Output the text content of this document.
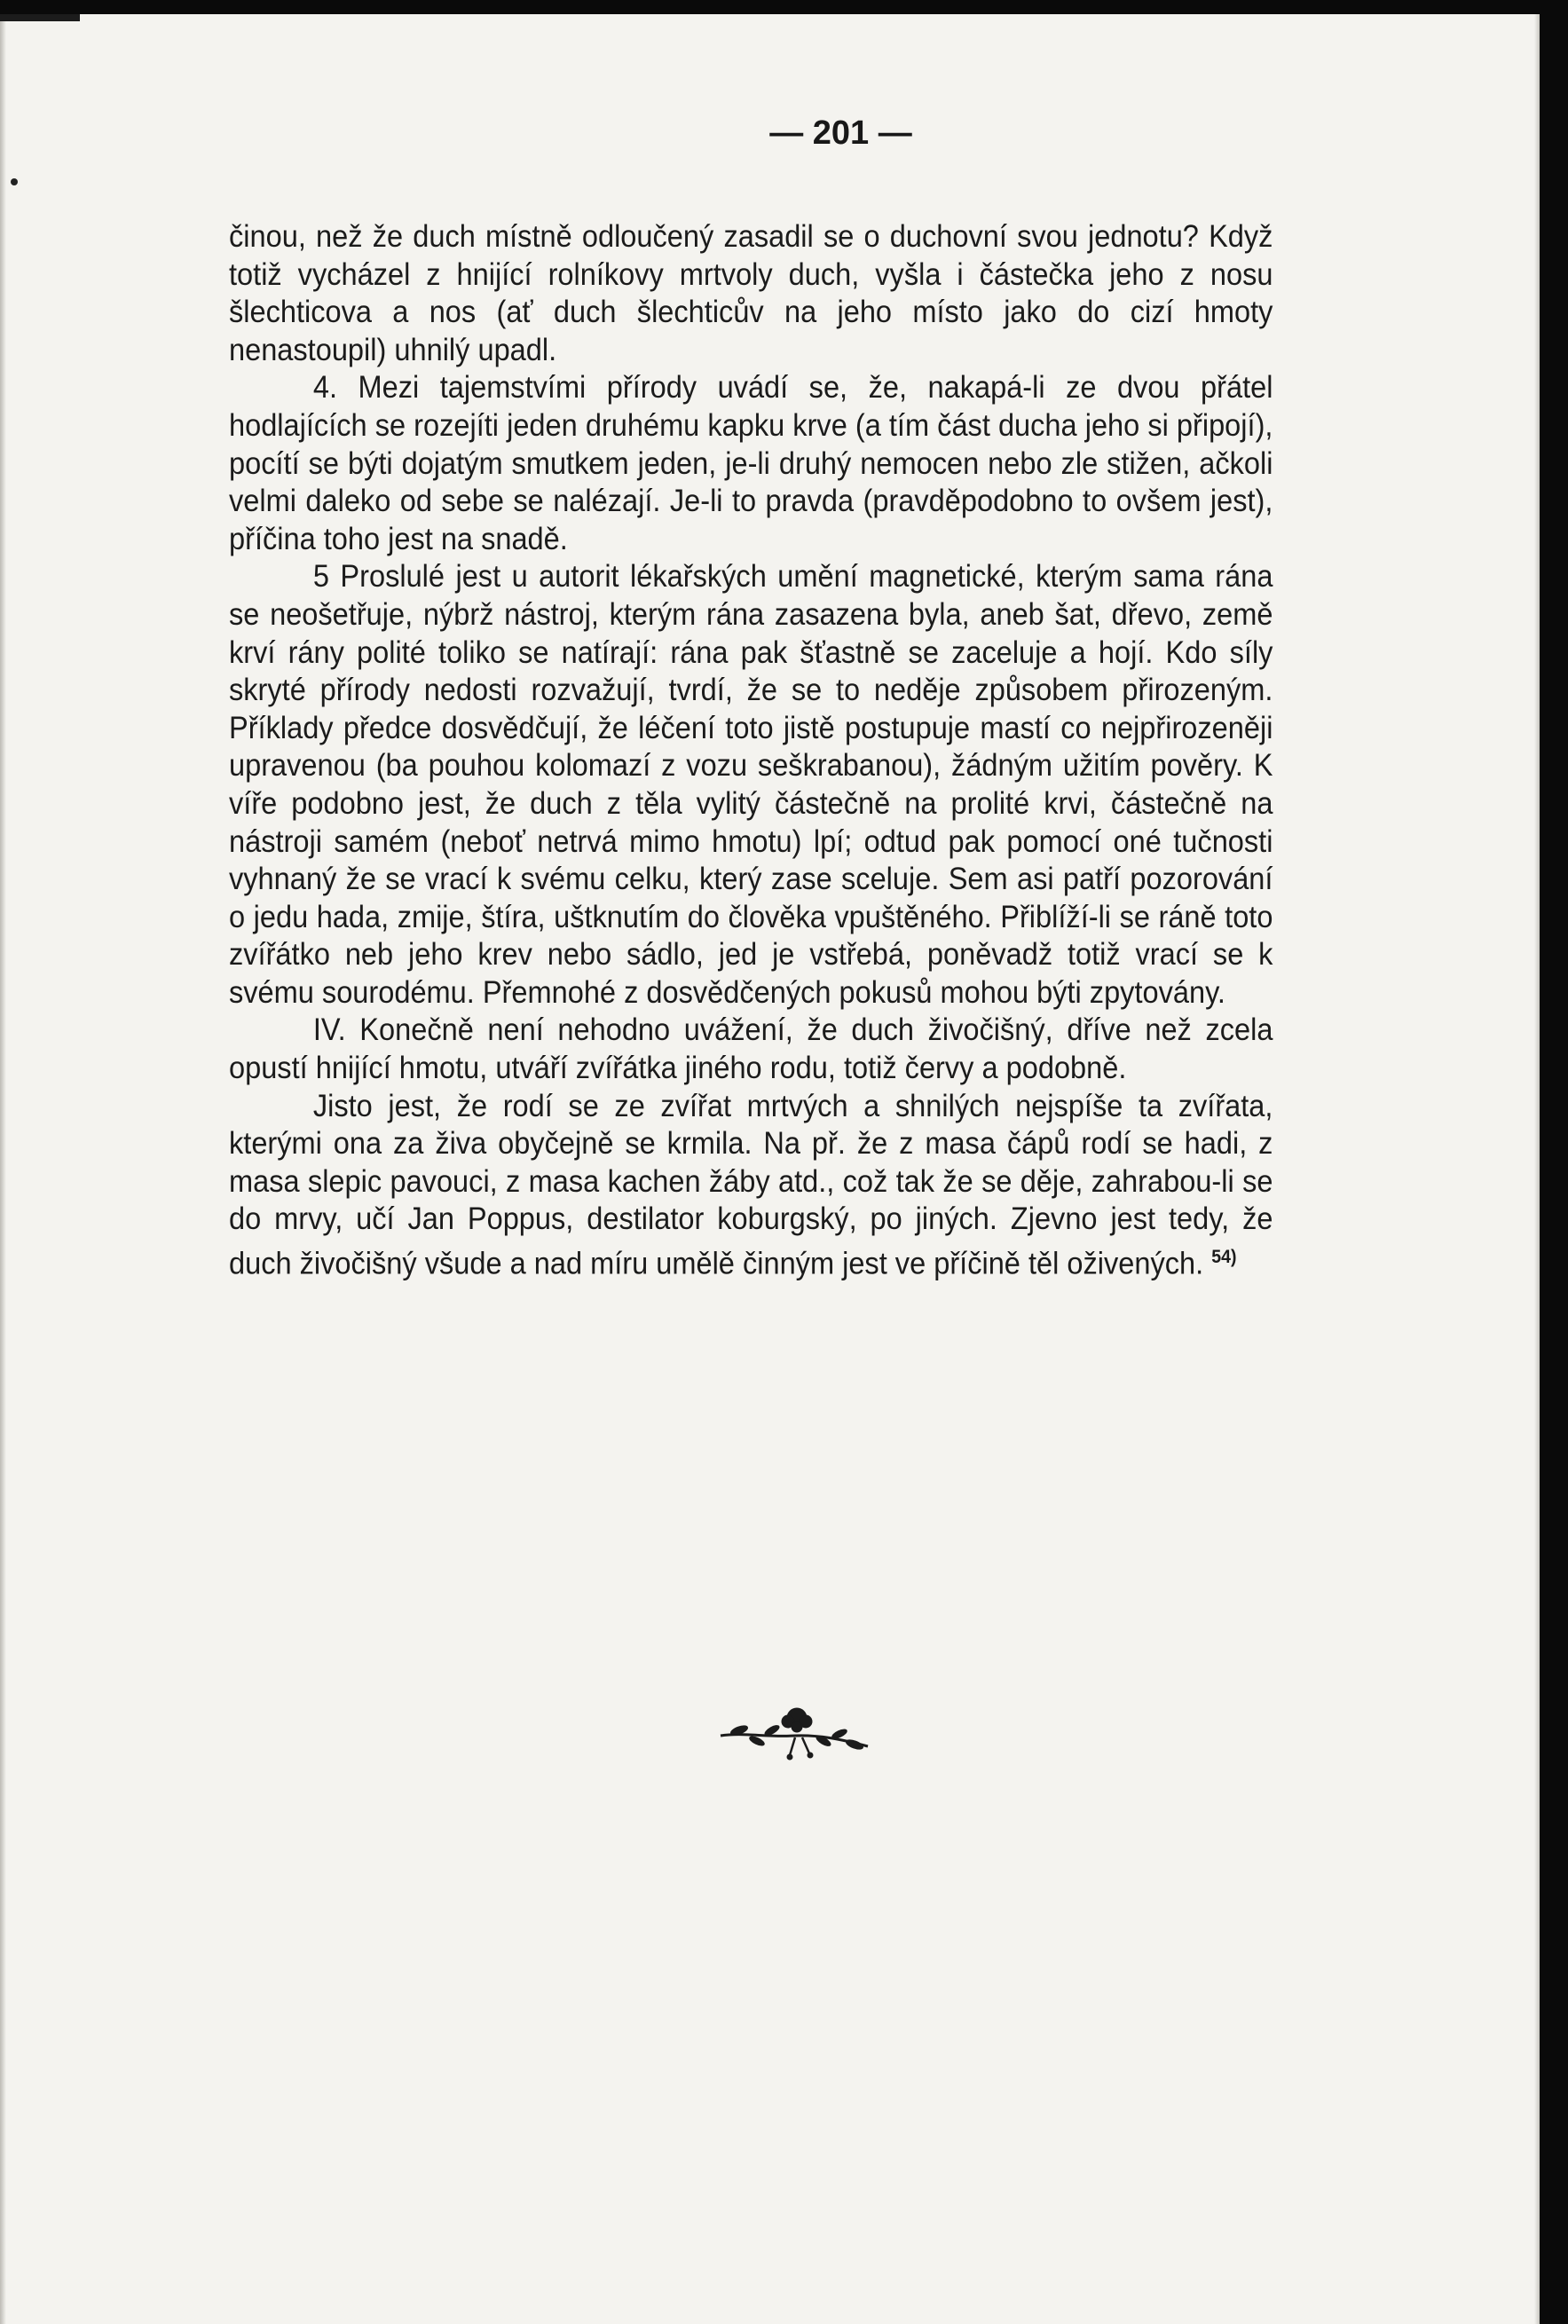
— 201 —

činou, než že duch místně odloučený zasadil se o duchovní svou jednotu? Když totiž vycházel z hnijící rolníkovy mrtvoly duch, vyšla i částečka jeho z nosu šlechticova a nos (ať duch šlechticův na jeho místo jako do cizí hmoty nenastoupil) uhnilý upadl.

4. Mezi tajemstvími přírody uvádí se, že, nakapá-li ze dvou přátel hodlajících se rozejíti jeden druhému kapku krve (a tím část ducha jeho si připojí), pocítí se býti dojatým smutkem jeden, je-li druhý nemocen nebo zle stižen, ačkoli velmi daleko od sebe se nalézají. Je-li to pravda (pravděpodobno to ovšem jest), příčina toho jest na snadě.

5 Proslulé jest u autorit lékařských umění magnetické, kterým sama rána se neošetřuje, nýbrž nástroj, kterým rána zasazena byla, aneb šat, dřevo, země krví rány polité toliko se natírají: rána pak šťastně se zaceluje a hojí. Kdo síly skryté přírody nedosti rozvažují, tvrdí, že se to neděje způsobem přirozeným. Příklady předce dosvědčují, že léčení toto jistě postupuje mastí co nejpřirozeněji upravenou (ba pouhou kolomazí z vozu seškrabanou), žádným užitím pověry. K víře podobno jest, že duch z těla vylitý částečně na prolité krvi, částečně na nástroji samém (neboť netrvá mimo hmotu) lpí; odtud pak pomocí oné tučnosti vyhnaný že se vrací k svému celku, který zase sceluje. Sem asi patří pozorování o jedu hada, zmije, štíra, uštknutím do člověka vpuštěného. Přiblíží-li se ráně toto zvířátko neb jeho krev nebo sádlo, jed je vstřebá, poněvadž totiž vrací se k svému sourodému. Přemnohé z dosvědčených pokusů mohou býti zpytovány.

IV. Konečně není nehodno uvážení, že duch živočišný, dříve než zcela opustí hnijící hmotu, utváří zvířátka jiného rodu, totiž červy a podobně.

Jisto jest, že rodí se ze zvířat mrtvých a shnilých nejspíše ta zvířata, kterými ona za živa obyčejně se krmila. Na př. že z masa čápů rodí se hadi, z masa slepic pavouci, z masa kachen žáby atd., což tak že se děje, zahrabou-li se do mrvy, učí Jan Poppus, destilator koburgský, po jiných. Zjevno jest tedy, že duch živočišný všude a nad míru umělě činným jest ve příčině těl oživených. $^{54)}$
